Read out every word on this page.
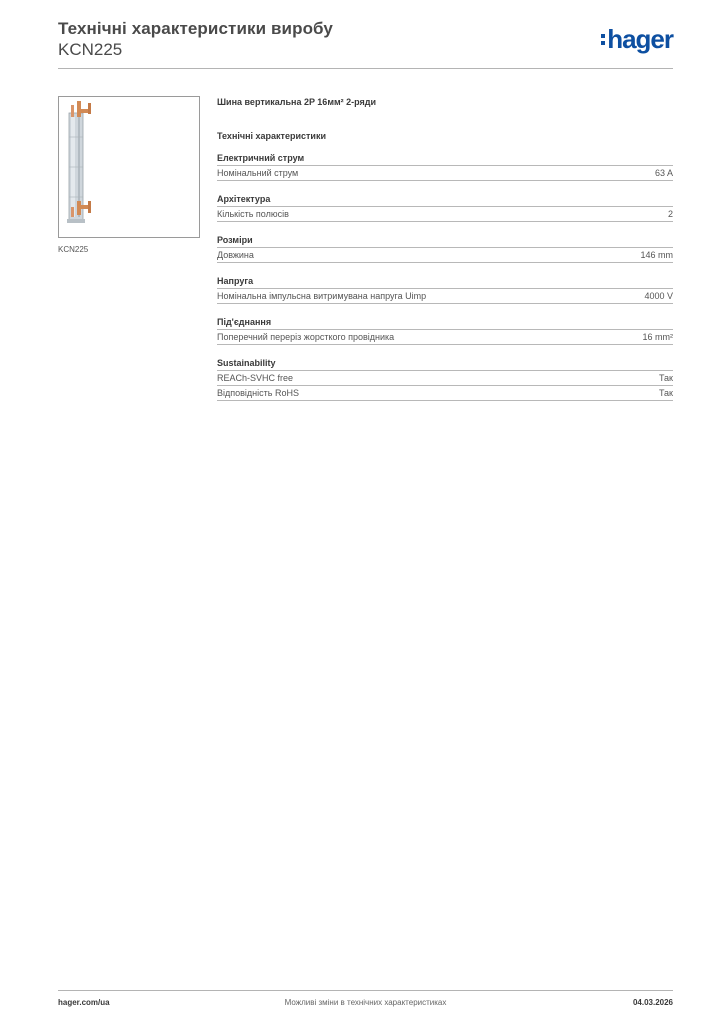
Технічні характеристики виробу
KCN225	hager
KCN225
Шина вертикальна 2P 16мм² 2-ряди
Технічні характеристики
Електричний струм
Номінальний струм	63 A
Архітектура
Кількість полюсів	2
Розміри
Довжина	146 mm
Напруга
Номінальна імпульсна витримувана напруга Uimp	4000 V
Під'єднання
Поперечний переріз жорсткого провідника	16 mm²
Sustainability
REACh-SVHC free	Так
Відповідність RoHS	Так
hager.com/ua	Можливі зміни в технічних характеристиках	04.03.2026
